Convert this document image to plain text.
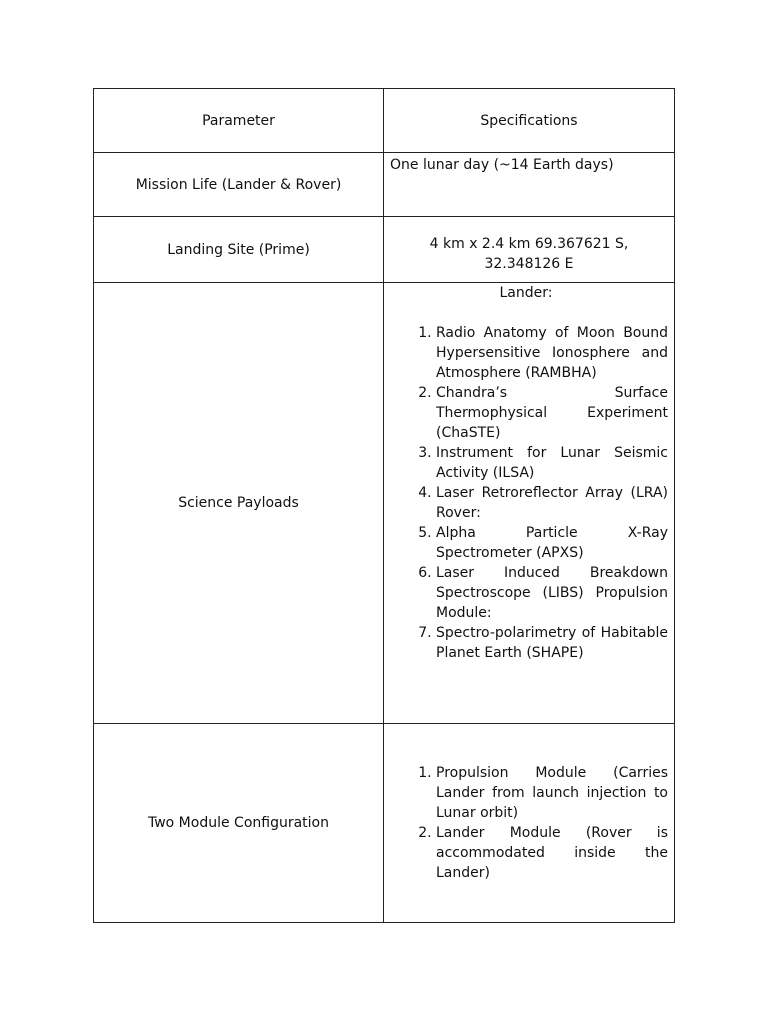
Parameter	Specifications
Mission Life (Lander & Rover)
One lunar day (~14 Earth days)
Landing Site (Prime)	4 km x 2.4 km 69.367621 S,
32.348126 E
Science Payloads
Lander:
1. Radio Anatomy of Moon Bound Hypersensitive Ionosphere and Atmosphere (RAMBHA)
2. Chandra’s Surface Thermophysical Experiment (ChaSTE)
3. Instrument for Lunar Seismic Activity (ILSA)
4. Laser Retroreflector Array (LRA) Rover:
5. Alpha Particle X-Ray Spectrometer (APXS)
6. Laser Induced Breakdown Spectroscope (LIBS) Propulsion Module:
7. Spectro-polarimetry of Habitable Planet Earth (SHAPE)
Two Module Configuration
1. Propulsion Module (Carries Lander from launch injection to Lunar orbit)
2. Lander Module (Rover is accommodated inside the Lander)
